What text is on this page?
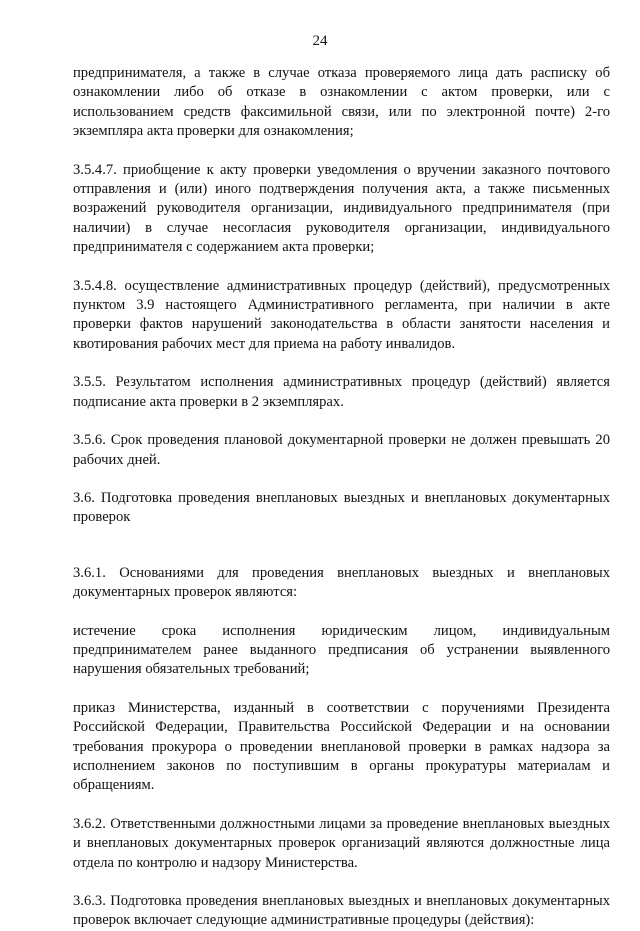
24

предпринимателя, а также в случае отказа проверяемого лица дать расписку об ознакомлении либо об отказе в ознакомлении с актом проверки, или с использованием средств факсимильной связи, или по электронной почте) 2-го экземпляра акта проверки для ознакомления;

3.5.4.7. приобщение к акту проверки уведомления о вручении заказного почтового отправления и (или) иного подтверждения получения акта, а также письменных возражений руководителя организации, индивидуального предпринимателя (при наличии) в случае несогласия руководителя организации, индивидуального предпринимателя с содержанием акта проверки;

3.5.4.8. осуществление административных процедур (действий), предусмотренных пунктом 3.9 настоящего Административного регламента, при наличии в акте проверки фактов нарушений законодательства в области занятости населения и квотирования рабочих мест для приема на работу инвалидов.

3.5.5. Результатом исполнения административных процедур (действий) является подписание акта проверки в 2 экземплярах.

3.5.6. Срок проведения плановой документарной проверки не должен превышать 20 рабочих дней.

3.6. Подготовка проведения внеплановых выездных и внеплановых документарных проверок

3.6.1. Основаниями для проведения внеплановых выездных и внеплановых документарных проверок являются:

истечение срока исполнения юридическим лицом, индивидуальным предпринимателем ранее выданного предписания об устранении выявленного нарушения обязательных требований;

приказ Министерства, изданный в соответствии с поручениями Президента Российской Федерации, Правительства Российской Федерации и на основании требования прокурора о проведении внеплановой проверки в рамках надзора за исполнением законов по поступившим в органы прокуратуры материалам и обращениям.

3.6.2. Ответственными должностными лицами за проведение внеплановых выездных и внеплановых документарных проверок организаций являются должностные лица отдела по контролю и надзору Министерства.

3.6.3. Подготовка проведения внеплановых выездных и внеплановых документарных проверок включает следующие административные процедуры (действия):
